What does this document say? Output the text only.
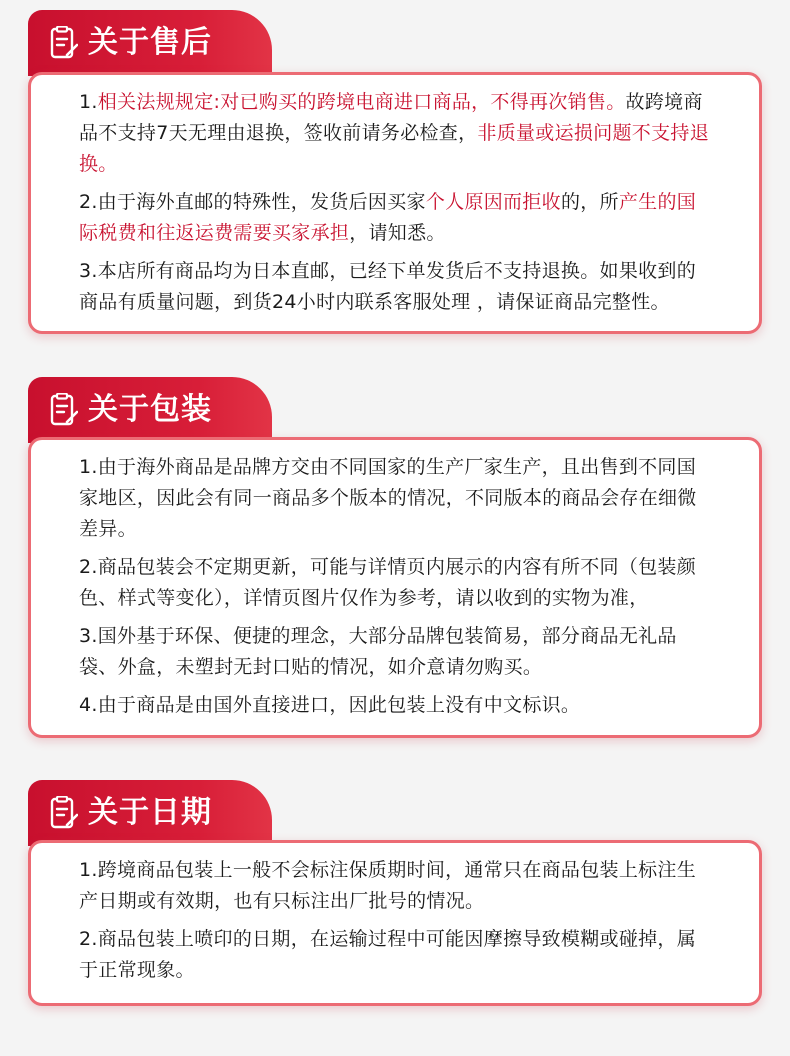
关于售后

1.相关法规规定:对已购买的跨境电商进口商品，不得再次销售。故跨境商品不支持7天无理由退换，签收前请务必检查，非质量或运损问题不支持退换。

2.由于海外直邮的特殊性，发货后因买家个人原因而拒收的，所产生的国际税费和往返运费需要买家承担，请知悉。

3.本店所有商品均为日本直邮，已经下单发货后不支持退换。如果收到的商品有质量问题，到货24小时内联系客服处理 ，请保证商品完整性。

关于包装

1.由于海外商品是品牌方交由不同国家的生产厂家生产，且出售到不同国家地区，因此会有同一商品多个版本的情况，不同版本的商品会存在细微差异。

2.商品包装会不定期更新，可能与详情页内展示的内容有所不同（包装颜色、样式等变化），详情页图片仅作为参考，请以收到的实物为准，

3.国外基于环保、便捷的理念，大部分品牌包装简易，部分商品无礼品袋、外盒，未塑封无封口贴的情况，如介意请勿购买。

4.由于商品是由国外直接进口，因此包装上没有中文标识。

关于日期

1.跨境商品包装上一般不会标注保质期时间，通常只在商品包装上标注生产日期或有效期，也有只标注出厂批号的情况。

2.商品包装上喷印的日期，在运输过程中可能因摩擦导致模糊或碰掉，属于正常现象。
